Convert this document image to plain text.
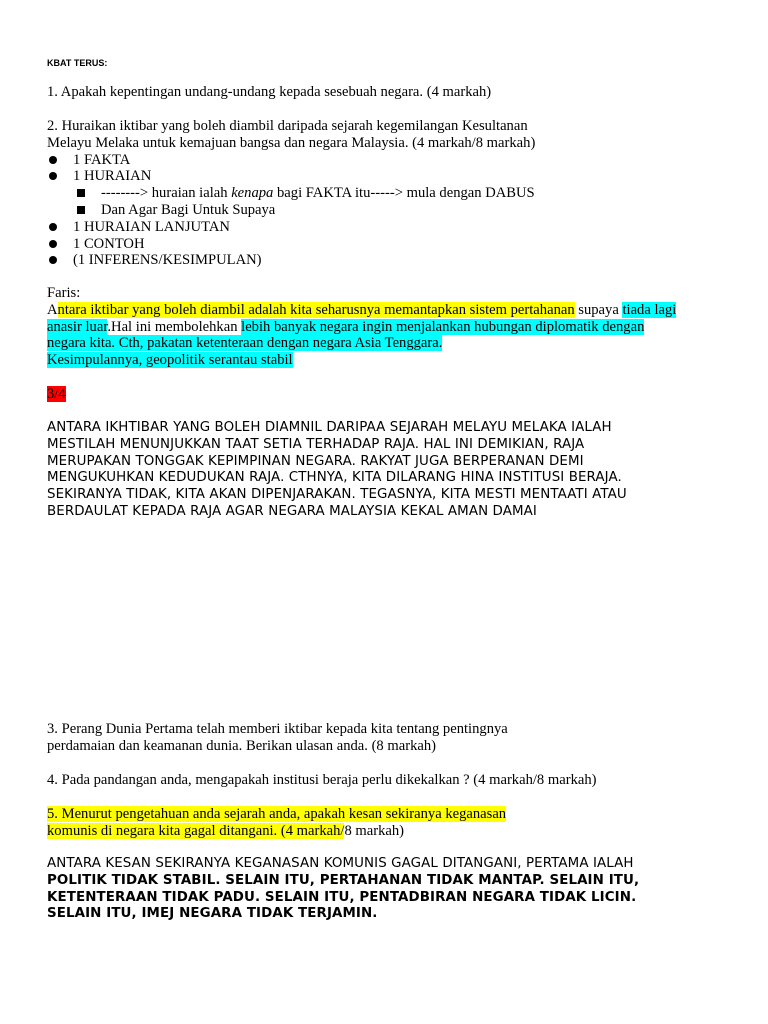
KBAT TERUS:
1. Apakah kepentingan undang-undang kepada sesebuah negara. (4 markah)
2. Huraikan iktibar yang boleh diambil daripada sejarah kegemilangan Kesultanan
Melayu Melaka untuk kemajuan bangsa dan negara Malaysia. (4 markah/8 markah)
1 FAKTA
1 HURAIAN
--------> huraian ialah kenapa bagi FAKTA itu-----> mula dengan DABUS
Dan Agar Bagi Untuk Supaya
1 HURAIAN LANJUTAN
1 CONTOH
(1 INFERENS/KESIMPULAN)
Faris:
Antara iktibar yang boleh diambil adalah kita seharusnya memantapkan sistem pertahanan supaya tiada lagi
anasir luar.Hal ini membolehkan lebih banyak negara ingin menjalankan hubungan diplomatik dengan
negara kita. Cth, pakatan ketenteraan dengan negara Asia Tenggara.
Kesimpulannya, geopolitik serantau stabil
3/4
ANTARA IKHTIBAR YANG BOLEH DIAMNIL DARIPAA SEJARAH MELAYU MELAKA IALAH
MESTILAH MENUNJUKKAN TAAT SETIA TERHADAP RAJA. HAL INI DEMIKIAN, RAJA
MERUPAKAN TONGGAK KEPIMPINAN NEGARA. RAKYAT JUGA BERPERANAN DEMI
MENGUKUHKAN KEDUDUKAN RAJA. CTHNYA, KITA DILARANG HINA INSTITUSI BERAJA.
SEKIRANYA TIDAK, KITA AKAN DIPENJARAKAN. TEGASNYA, KITA MESTI MENTAATI ATAU
BERDAULAT KEPADA RAJA AGAR NEGARA MALAYSIA KEKAL AMAN DAMAI
3. Perang Dunia Pertama telah memberi iktibar kepada kita tentang pentingnya
perdamaian dan keamanan dunia. Berikan ulasan anda. (8 markah)
4. Pada pandangan anda, mengapakah institusi beraja perlu dikekalkan ? (4 markah/8 markah)
5. Menurut pengetahuan anda sejarah anda, apakah kesan sekiranya keganasan
komunis di negara kita gagal ditangani. (4 markah/8 markah)
ANTARA KESAN SEKIRANYA KEGANASAN KOMUNIS GAGAL DITANGANI, PERTAMA IALAH
POLITIK TIDAK STABIL. SELAIN ITU, PERTAHANAN TIDAK MANTAP. SELAIN ITU,
KETENTERAAN TIDAK PADU. SELAIN ITU, PENTADBIRAN NEGARA TIDAK LICIN.
SELAIN ITU, IMEJ NEGARA TIDAK TERJAMIN.
